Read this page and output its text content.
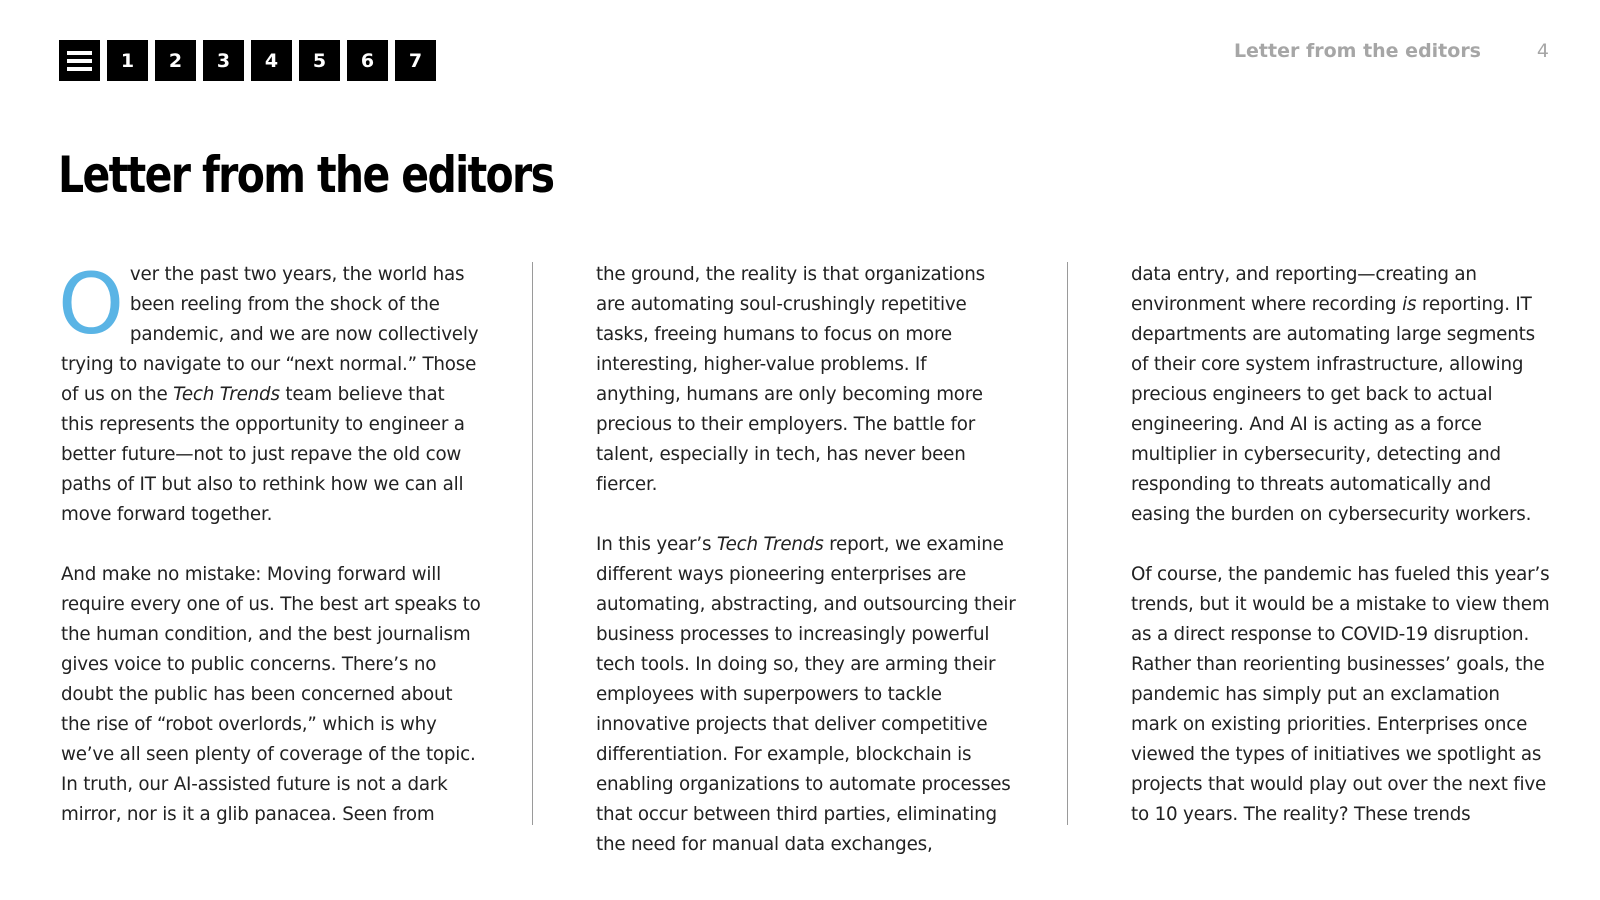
1	2	3	4	5	6	7	Letter from the editors	4
Letter from the editors

Over the past two years, the world has been reeling from the shock of the pandemic, and we are now collectively trying to navigate to our “next normal.” Those of us on the Tech Trends team believe that this represents the opportunity to engineer a better future—not to just repave the old cow paths of IT but also to rethink how we can all move forward together.

And make no mistake: Moving forward will require every one of us. The best art speaks to the human condition, and the best journalism gives voice to public concerns. There’s no doubt the public has been concerned about the rise of “robot overlords,” which is why we’ve all seen plenty of coverage of the topic. In truth, our AI-assisted future is not a dark mirror, nor is it a glib panacea. Seen from

the ground, the reality is that organizations are automating soul-crushingly repetitive tasks, freeing humans to focus on more interesting, higher-value problems. If anything, humans are only becoming more precious to their employers. The battle for talent, especially in tech, has never been fiercer.

In this year’s Tech Trends report, we examine different ways pioneering enterprises are automating, abstracting, and outsourcing their business processes to increasingly powerful tech tools. In doing so, they are arming their employees with superpowers to tackle innovative projects that deliver competitive differentiation. For example, blockchain is enabling organizations to automate processes that occur between third parties, eliminating the need for manual data exchanges,

data entry, and reporting—creating an environment where recording is reporting. IT departments are automating large segments of their core system infrastructure, allowing precious engineers to get back to actual engineering. And AI is acting as a force multiplier in cybersecurity, detecting and responding to threats automatically and easing the burden on cybersecurity workers.

Of course, the pandemic has fueled this year’s trends, but it would be a mistake to view them as a direct response to COVID-19 disruption. Rather than reorienting businesses’ goals, the pandemic has simply put an exclamation mark on existing priorities. Enterprises once viewed the types of initiatives we spotlight as projects that would play out over the next five to 10 years. The reality? These trends
